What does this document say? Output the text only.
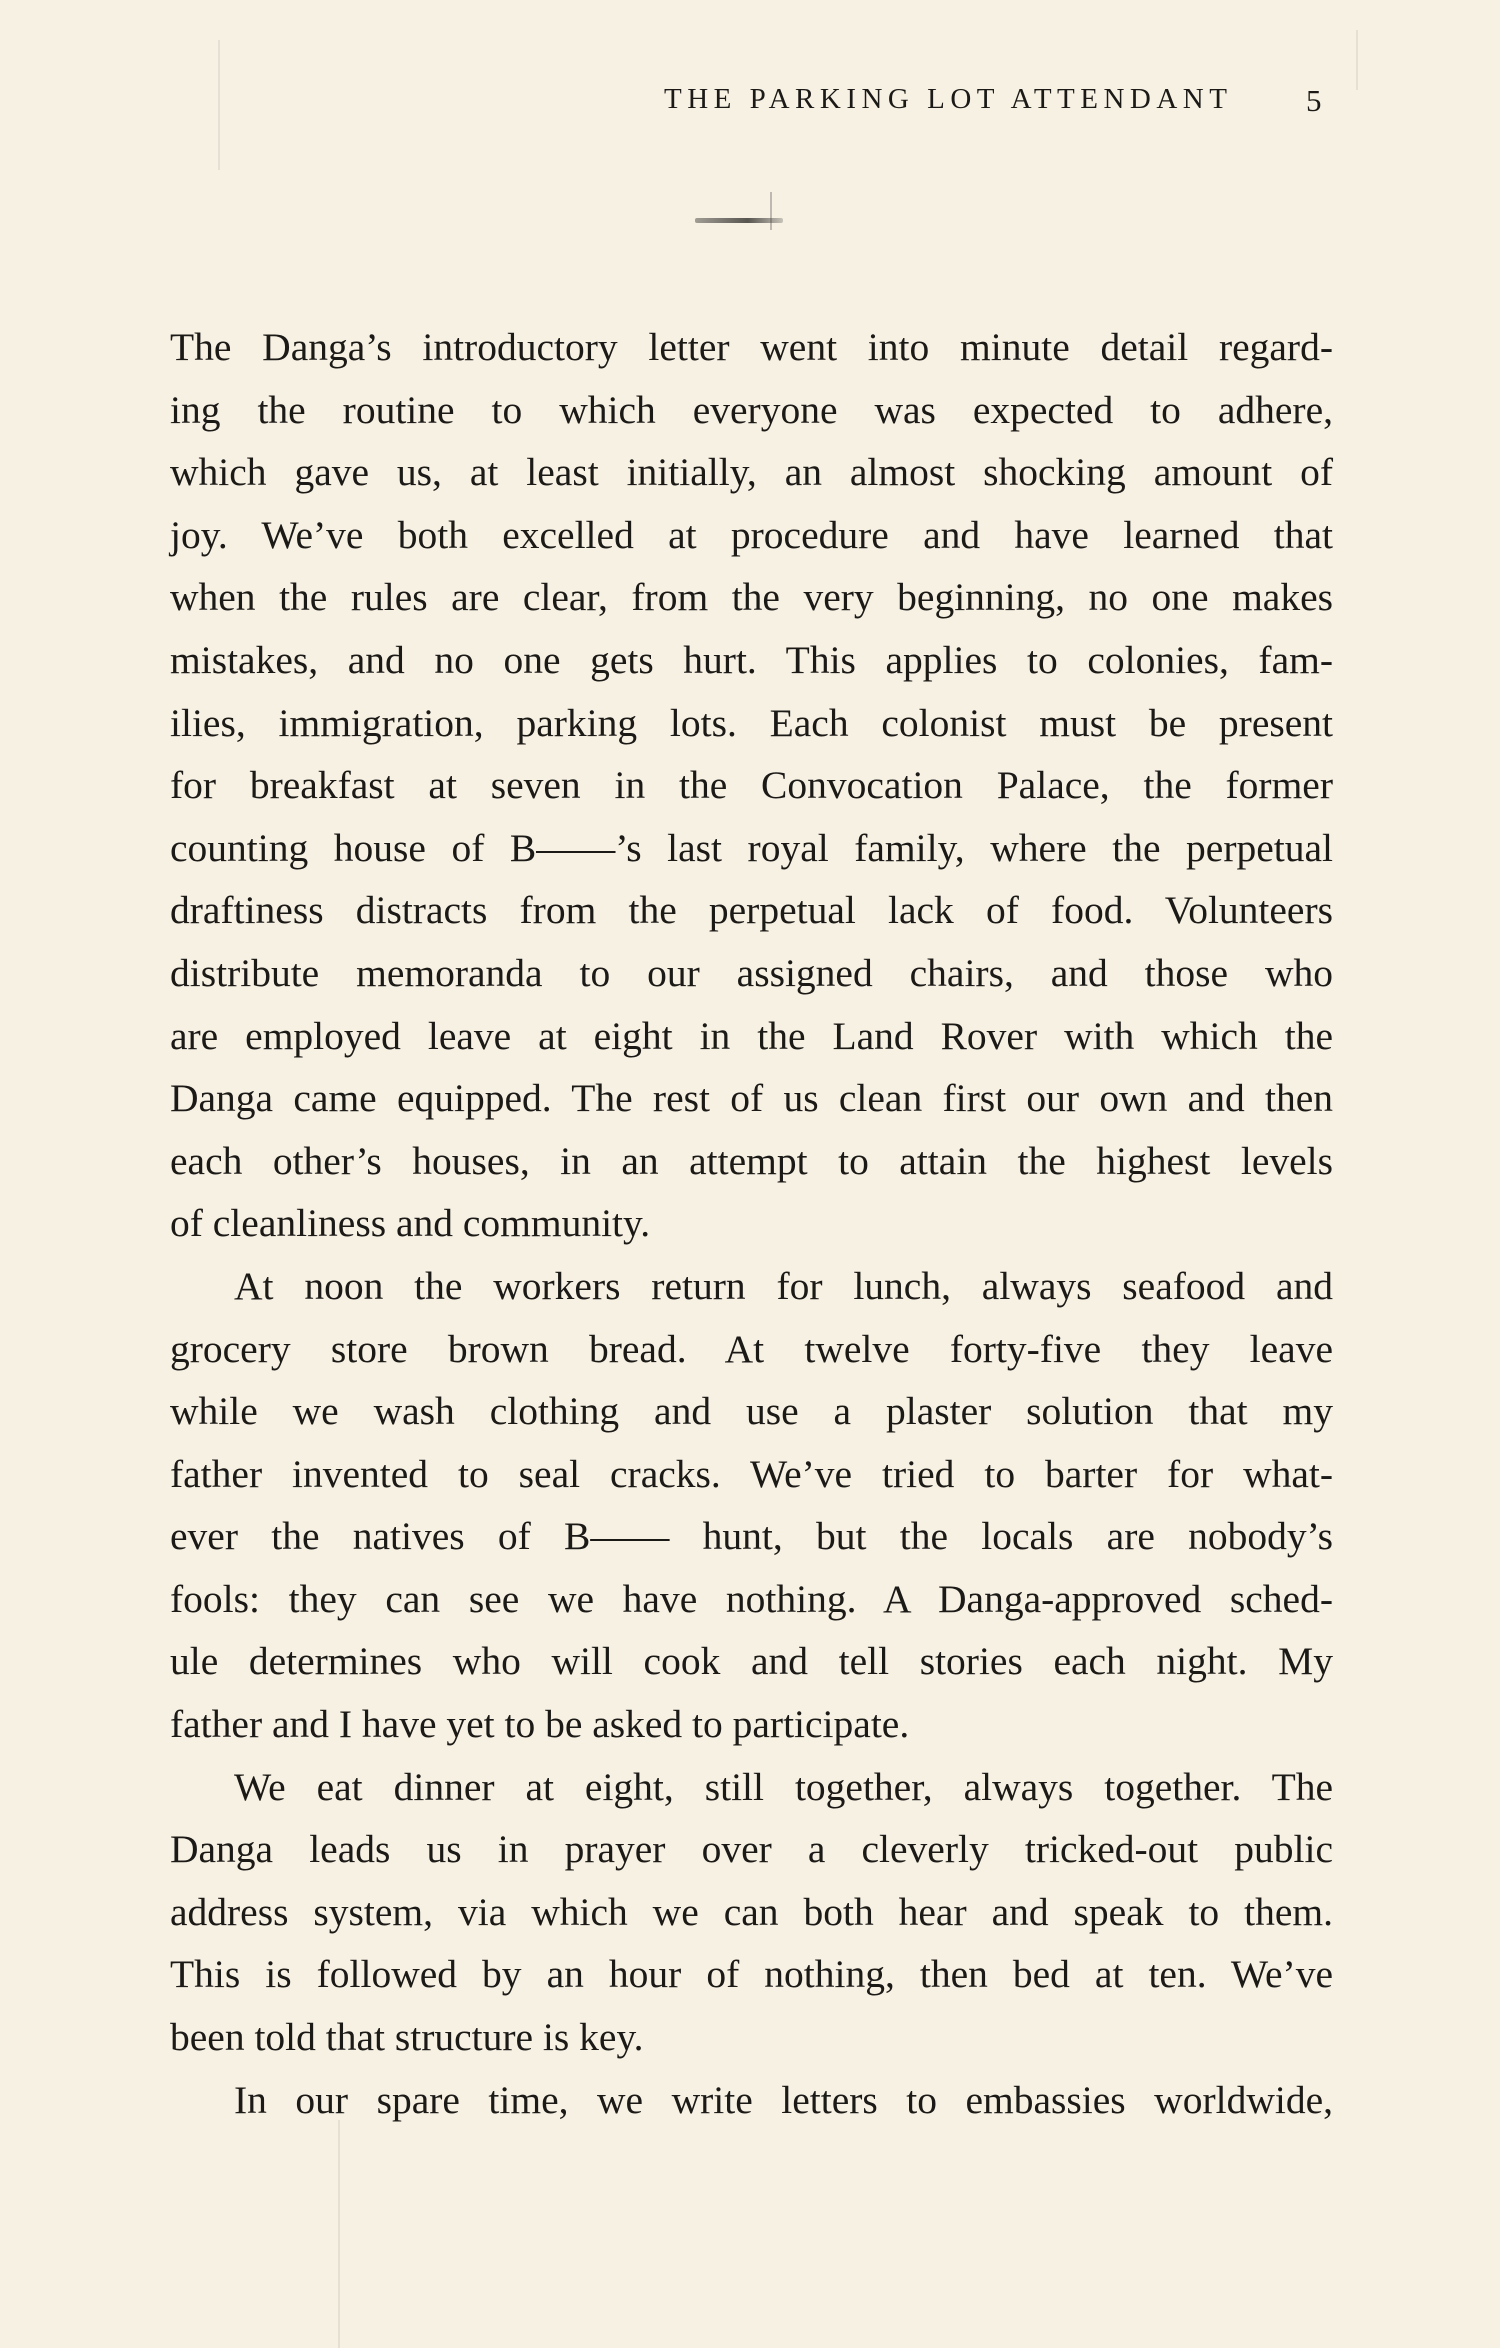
THE PARKING LOT ATTENDANT 5

The Danga’s introductory letter went into minute detail regard-
ing the routine to which everyone was expected to adhere,
which gave us, at least initially, an almost shocking amount of
joy. We’ve both excelled at procedure and have learned that
when the rules are clear, from the very beginning, no one makes
mistakes, and no one gets hurt. This applies to colonies, fam-
ilies, immigration, parking lots. Each colonist must be present
for breakfast at seven in the Convocation Palace, the former
counting house of B——’s last royal family, where the perpetual
draftiness distracts from the perpetual lack of food. Volunteers
distribute memoranda to our assigned chairs, and those who
are employed leave at eight in the Land Rover with which the
Danga came equipped. The rest of us clean first our own and then
each other’s houses, in an attempt to attain the highest levels
of cleanliness and community.

At noon the workers return for lunch, always seafood and
grocery store brown bread. At twelve forty-five they leave
while we wash clothing and use a plaster solution that my
father invented to seal cracks. We’ve tried to barter for what-
ever the natives of B—— hunt, but the locals are nobody’s
fools: they can see we have nothing. A Danga-approved sched-
ule determines who will cook and tell stories each night. My
father and I have yet to be asked to participate.

We eat dinner at eight, still together, always together. The
Danga leads us in prayer over a cleverly tricked-out public
address system, via which we can both hear and speak to them.
This is followed by an hour of nothing, then bed at ten. We’ve
been told that structure is key.

In our spare time, we write letters to embassies worldwide,
